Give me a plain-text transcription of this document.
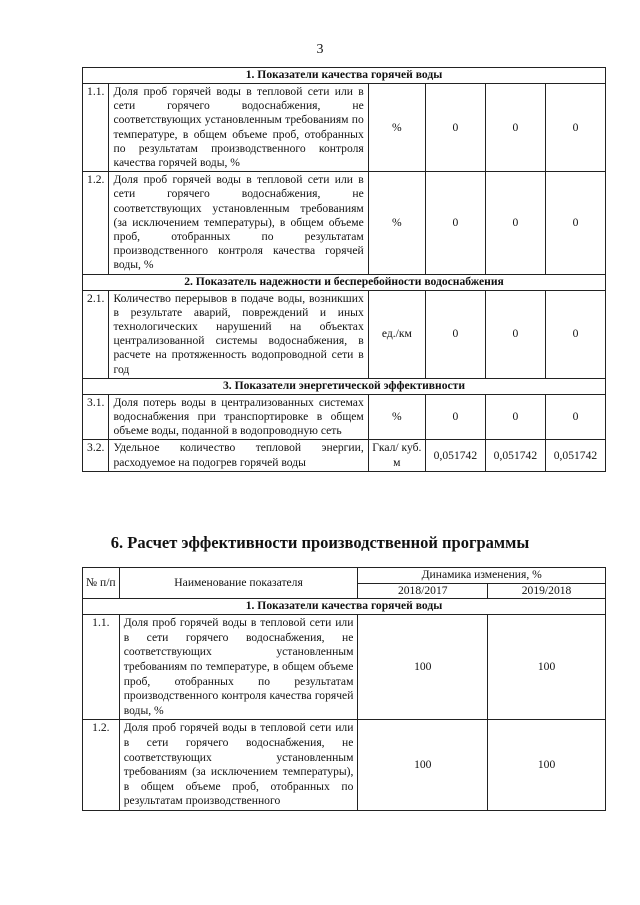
3
1. Показатели качества горячей воды					
1.1.	Доля проб горячей воды в тепловой сети или в сети горячего водоснабжения, не соответствующих установленным требованиям по температуре, в общем объеме проб, отобранных по результатам производственного контроля качества горячей воды, %	%	0	0	0
1.2.	Доля проб горячей воды в тепловой сети или в сети горячего водоснабжения, не соответствующих установленным требованиям (за исключением температуры), в общем объеме проб, отобранных по результатам производственного контроля качества горячей воды, %	%	0	0	0
2. Показатель надежности и бесперебойности водоснабжения					
2.1.	Количество перерывов в подаче воды, возникших в результате аварий, повреждений и иных технологических нарушений на объектах централизованной системы водоснабжения, в расчете на протяженность водопроводной сети в год	ед./км	0	0	0
3. Показатели энергетической эффективности					
3.1.	Доля потерь воды в централизованных системах водоснабжения при транспортировке в общем объеме воды, поданной в водопроводную сеть	%	0	0	0
3.2.	Удельное количество тепловой энергии, расходуемое на подогрев горячей воды	Гкал/ куб. м	0,051742	0,051742	0,051742
6. Расчет эффективности производственной программы
№ п/п	Наименование показателя	Динамика изменения, %	
		2018/2017	2019/2018
1. Показатели качества горячей воды			
1.1.	Доля проб горячей воды в тепловой сети или в сети горячего водоснабжения, не соответствующих установленным требованиям по температуре, в общем объеме проб, отобранных по результатам производственного контроля качества горячей воды, %	100	100
1.2.	Доля проб горячей воды в тепловой сети или в сети горячего водоснабжения, не соответствующих установленным требованиям (за исключением температуры), в общем объеме проб, отобранных по результатам производственного	100	100
